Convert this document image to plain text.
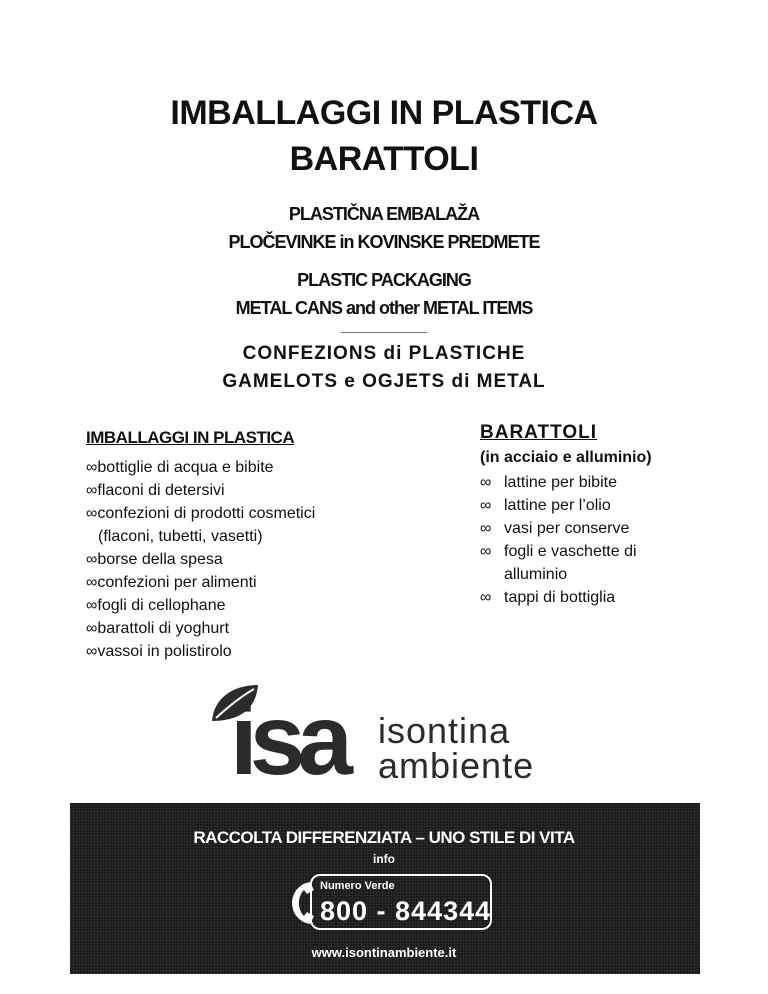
IMBALLAGGI IN PLASTICA
BARATTOLI
PLASTIČNA EMBALAŽA
PLOČEVINKE in KOVINSKE PREDMETE
PLASTIC PACKAGING
METAL CANS and other METAL ITEMS
CONFEZIONS di PLASTICHE
GAMELOTS e OGJETS di METAL
IMBALLAGGI IN PLASTICA
∞bottiglie di acqua e bibite
∞flaconi di detersivi
∞confezioni di prodotti cosmetici
(flaconi, tubetti, vasetti)
∞borse della spesa
∞confezioni per alimenti
∞fogli di cellophane
∞barattoli di yoghurt
∞vassoi in polistirolo
BARATTOLI
(in acciaio e alluminio)
∞ lattine per bibite
∞ lattine per l’olio
∞ vasi per conserve
∞ fogli e vaschette di
alluminio
∞ tappi di bottiglia
isa isontina
ambiente
RACCOLTA DIFFERENZIATA – UNO STILE DI VITA
info
Numero Verde
800 - 844344
www.isontinambiente.it
